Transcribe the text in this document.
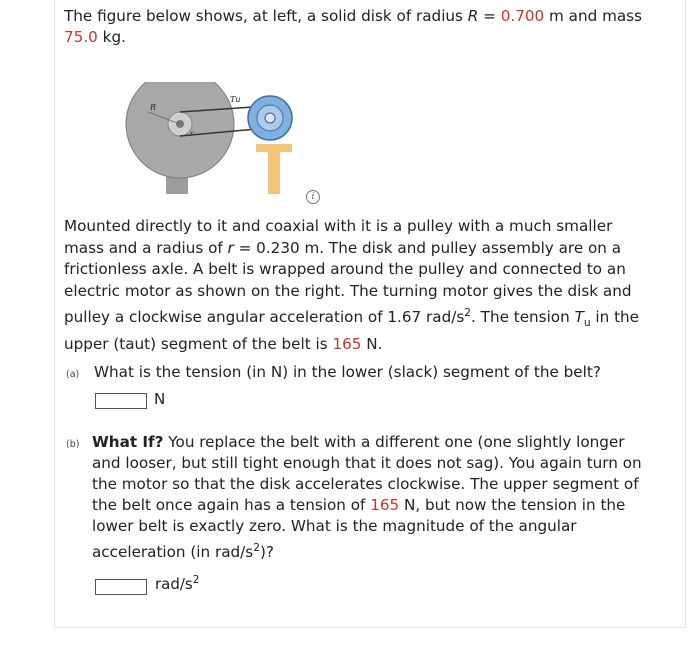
The figure below shows, at left, a solid disk of radius R = 0.700 m and mass
75.0 kg.
R
r
Tu
i
Mounted directly to it and coaxial with it is a pulley with a much smaller
mass and a radius of r = 0.230 m. The disk and pulley assembly are on a
frictionless axle. A belt is wrapped around the pulley and connected to an
electric motor as shown on the right. The turning motor gives the disk and
pulley a clockwise angular acceleration of 1.67 rad/$s^2$. The tension $T_u$ in the
upper (taut) segment of the belt is 165 N.
(a) What is the tension (in N) in the lower (slack) segment of the belt?
N
(b) What If? You replace the belt with a different one (one slightly longer
and looser, but still tight enough that it does not sag). You again turn on
the motor so that the disk accelerates clockwise. The upper segment of
the belt once again has a tension of 165 N, but now the tension in the
lower belt is exactly zero. What is the magnitude of the angular
acceleration (in rad/$s^2$)?
rad/$s^2$
